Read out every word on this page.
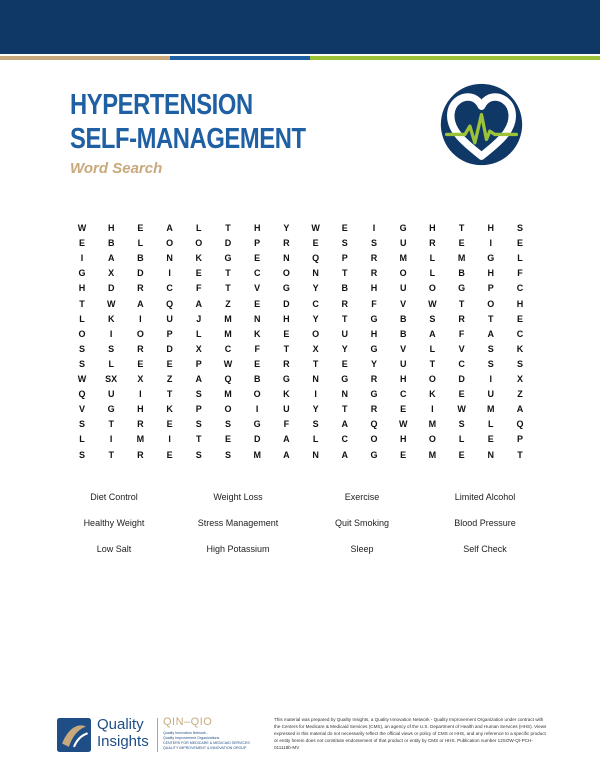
HYPERTENSION
SELF-MANAGEMENT
Word Search
W	H	E	A	L	T	H	Y	W	E	I	G	H	T	H	S
E	B	L	O	O	D	P	R	E	S	S	U	R	E	I	E
I	A	B	N	K	G	E	N	Q	P	R	M	L	M	G	L
G	X	D	I	E	T	C	O	N	T	R	O	L	B	H	F
H	D	R	C	F	T	V	G	Y	B	H	U	O	G	P	C
T	W	A	Q	A	Z	E	D	C	R	F	V	W	T	O	H
L	K	I	U	J	M	N	H	Y	T	G	B	S	R	T	E
O	I	O	P	L	M	K	E	O	U	H	B	A	F	A	C
S	S	R	D	X	C	F	T	X	Y	G	V	L	V	S	K
S	L	E	E	P	W	E	R	T	E	Y	U	T	C	S	S
W	SX	X	Z	A	Q	B	G	N	G	R	H	O	D	I	X
Q	U	I	T	S	M	O	K	I	N	G	C	K	E	U	Z
V	G	H	K	P	O	I	U	Y	T	R	E	I	W	M	A
S	T	R	E	S	S	G	F	S	A	Q	W	M	S	L	Q
L	I	M	I	T	E	D	A	L	C	O	H	O	L	E	P
S	T	R	E	S	S	M	A	N	A	G	E	M	E	N	T
Diet Control	Weight Loss	Exercise	Limited Alcohol
Healthy Weight	Stress Management	Quit Smoking	Blood Pressure
Low Salt	High Potassium	Sleep	Self Check
Quality
Insights
QIN–QIO
Quality Innovation Network -
Quality Improvement Organizations
CENTERS FOR MEDICARE & MEDICAID SERVICES
QUALITY IMPROVEMENT & INNOVATION GROUP
This material was prepared by Quality Insights, a Quality Innovation Network - Quality Improvement Organization under contract with the Centers for Medicare & Medicaid Services (CMS), an agency of the U.S. Department of Health and Human Services (HHS). Views expressed in this material do not necessarily reflect the official views or policy of CMS or HHS, and any reference to a specific product or entity herein does not constitute endorsement of that product or entity by CMS or HHS. Publication number 12SOW-QI-PCH-011118b-MV
